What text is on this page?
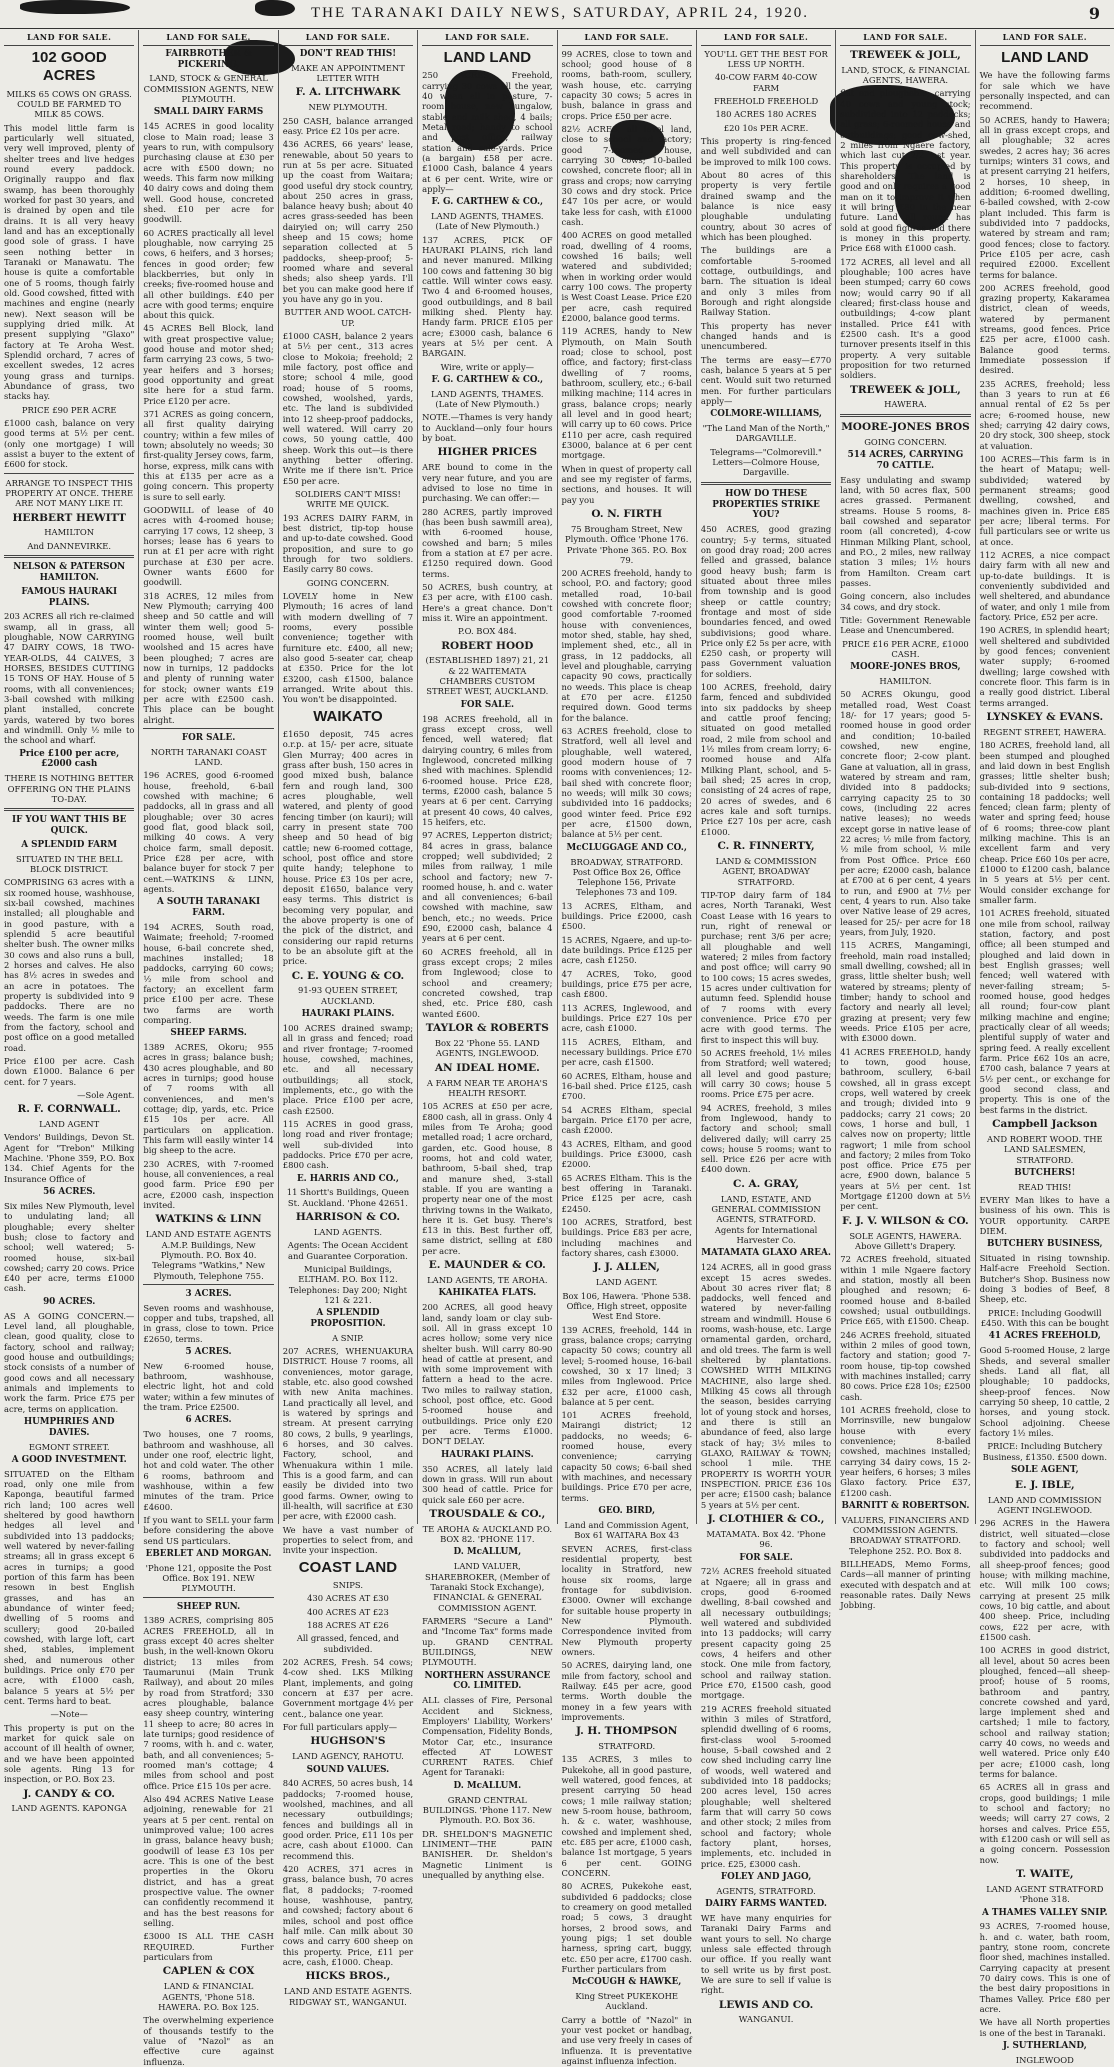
THE TARANAKI DAILY NEWS, SATURDAY, APRIL 24, 1920.	9
LAND FOR SALE.
102 GOOD ACRES
MILKS 65 COWS ON GRASS. COULD BE FARMED TO MILK 85 COWS.
This model little farm is particularly well situated, very well improved, plenty of shelter trees and live hedges round every paddock. Originally rauppo and flax swamp, has been thoroughly worked for past 30 years, and is drained by open and tile drains. It is all very heavy land and has an exceptionally good sole of grass. I have seen nothing better in Taranaki or Manawatu. The house is quite a comfortable one of 5 rooms, though fairly old. Good cowshed, fitted with machines and engine (nearly new). Next season will be supplying dried milk. At present supplying "Glaxo" factory at Te Aroha West. Splendid orchard, 7 acres of excellent swedes, 12 acres young grass and turnips. Abundance of grass, two stacks hay.
PRICE £90 PER ACRE
£1000 cash, balance on very good terms at 5½ per cent. (only one mortgage) I will assist a buyer to the extent of £600 for stock.
ARRANGE TO INSPECT THIS PROPERTY AT ONCE. THERE ARE NOT MANY LIKE IT.
HERBERT HEWITT
HAMILTON
And DANNEVIRKE.
NELSON & PATERSON HAMILTON.
FAMOUS HAURAKI PLAINS.
203 ACRES all rich re-claimed swamp, all in grass, all ploughable, NOW CARRYING 47 DAIRY COWS, 18 TWO-YEAR-OLDS, 44 CALVES, 3 HORSES, BESIDES CUTTING 15 TONS OF HAY. House of 5 rooms, with all conveniences; 3-bail cowshed with milking plant installed, concrete yards, watered by two bores and windmill. Only ½ mile to the school and wharf.
Price £100 per acre, £2000 cash
THERE IS NOTHING BETTER OFFERING ON THE PLAINS TO-DAY.
IF YOU WANT THIS BE QUICK.
A SPLENDID FARM
SITUATED IN THE BELL BLOCK DISTRICT.
COMPRISING 63 acres with a six roomed house, washhouse, six-bail cowshed, machines installed; all ploughable and in good pasture, with a splendid 5 acre beautiful shelter bush. The owner milks 30 cows and also runs a bull, 2 horses and calves. He also has 8½ acres in swedes and an acre in potatoes. The property is subdivided into 9 paddocks. There are no weeds. The farm is one mile from the factory, school and post office on a good metalled road.
Price £100 per acre. Cash down £1000. Balance 6 per cent. for 7 years.
—Sole Agent.
R. F. CORNWALL.
LAND AGENT
Vendors' Buildings, Devon St. Agent for "Trebon" Milking Machine. 'Phone 359, P.O. Box 134. Chief Agents for the Insurance Office of
56 ACRES.
Six miles New Plymouth, level to undulating land; all ploughable; every shelter bush; close to factory and school; well watered; 5-roomed house, six-bail cowshed; carry 20 cows. Price £40 per acre, terms £1000 cash.
90 ACRES.
AS A GOING CONCERN.—Level land, all ploughable, clean, good quality, close to factory, school and railway; good house and outbuildings; stock consists of a number of good cows and all necessary animals and implements to work the farm. Price £75 per acre, terms on application.
HUMPHRIES AND DAVIES.
EGMONT STREET.
A GOOD INVESTMENT.
SITUATED on the Eltham road, only one mile from Kaponga, beautiful farmed rich land; 100 acres well sheltered by good hawthorn hedges all level and subdivided into 13 paddocks; well watered by never-failing streams; all in grass except 6 acres in turnips; a good portion of this farm has been resown in best English grasses, and has an abundance of winter feed; dwelling of 5 rooms and scullery; good 20-bailed cowshed, with large loft, cart shed, stables, implement shed, and numerous other buildings. Price only £70 per acre, with £1000 cash, balance 5 years at 5½ per cent. Terms hard to beat.
—Note—
This property is put on the market for quick sale on account of ill health of owner, and we have been appointed sole agents. Ring 13 for inspection, or P.O. Box 23.
J. CANDY & CO.
LAND AGENTS. KAPONGA
LAND FOR SALE.
FAIRBROTHER & PICKERING,
LAND, STOCK & GENERAL COMMISSION AGENTS, NEW PLYMOUTH.
SMALL DAIRY FARMS
145 ACRES in good locality close to Main road; lease 3 years to run, with compulsory purchasing clause at £30 per acre with £500 down; no weeds. This farm now milking 40 dairy cows and doing them well. Good house, concreted shed. £10 per acre for goodwill.
60 ACRES practically all level ploughable, now carrying 25 cows, 6 heifers, and 3 horses; fences in good order; few blackberries, but only in creeks; five-roomed house and all other buildings. £40 per acre with good terms; enquire about this quick.
45 ACRES Bell Block, land with great prospective value; good house and motor shed; farm carrying 23 cows, 5 two-year heifers and 3 horses; good opportunity and great site here for a stud farm. Price £120 per acre.
371 ACRES as going concern, all first quality dairying country; within a few miles of town; absolutely no weeds; 30 first-quality Jersey cows, farm, horse, express, milk cans with this at £135 per acre as a going concern. This property is sure to sell early.
GOODWILL of lease of 40 acres with 4-roomed house; carrying 17 cows, 12 sheep, 3 horses; lease has 6 years to run at £1 per acre with right purchase at £30 per acre. Owner wants £600 for goodwill.
318 ACRES, 12 miles from New Plymouth; carrying 400 sheep and 50 cattle and will winter them well; good 5-roomed house, well built woolshed and 15 acres have been ploughed; 7 acres are now in turnips, 12 paddocks and plenty of running water for stock; owner wants £19 per acre with £2500 cash. This place can be bought alright.
FOR SALE.
NORTH TARANAKI COAST LAND.
196 ACRES, good 6-roomed house, freehold, 6-bail cowshed with machine; 6 paddocks, all in grass and all ploughable; over 30 acres good flat, good black soil, milking 40 cows. A very choice farm, small deposit. Price £28 per acre, with balance buyer for stock 7 per cent.—WATKINS & LINN, agents.
A SOUTH TARANAKI FARM.
194 ACRES, South road, Waimate; freehold; 7-roomed house, 6-bail concrete shed, machines installed; 18 paddocks, carrying 60 cows; ½ mile from school and factory; an excellent farm price £100 per acre. These two farms are worth comparing.
SHEEP FARMS.
1389 ACRES, Okoru; 955 acres in grass; balance bush; 430 acres ploughable, and 80 acres in turnips; good house of 7 rooms with all conveniences, and men's cottage; dip, yards, etc. Price £15 10s per acre. All particulars on application. This farm will easily winter 14 big sheep to the acre.
230 ACRES, with 7-roomed house, all conveniences, a real good farm. Price £90 per acre, £2000 cash, inspection invited.
WATKINS & LINN
LAND AND ESTATE AGENTS A.M.P. Buildings, New Plymouth. P.O. Box 40. Telegrams "Watkins," New Plymouth, Telephone 755.
3 ACRES.
Seven rooms and washhouse, copper and tubs, trapshed, all in grass, close to town. Price £2650, terms.
5 ACRES.
New 6-roomed house, bathroom, washhouse, electric light, hot and cold water; within a few minutes of the tram. Price £2500.
6 ACRES.
Two houses, one 7 rooms, bathroom and washhouse, all under one roof, electric light, hot and cold water. The other 6 rooms, bathroom and washhouse, within a few minutes of the tram. Price £4600.
If you want to SELL your farm before considering the above send US particulars.
EBERLET AND MORGAN.
'Phone 121, opposite the Post Office. Box 191. NEW PLYMOUTH.
SHEEP RUN.
1389 ACRES, comprising 805 ACRES FREEHOLD, all in grass except 40 acres shelter bush, in the well-known Okoru district; 13 miles from Taumarunui (Main Trunk Railway), and about 20 miles by road from Stratford; 330 acres ploughable, balance easy sheep country, wintering 11 sheep to acre; 80 acres in late turnips; good residence of 7 rooms, with h. and c. water, bath, and all conveniences; 5-roomed man's cottage; 4 miles from school and post office. Price £15 10s per acre.
Also 494 ACRES Native Lease adjoining, renewable for 21 years at 5 per cent. rental on unimproved value; 100 acres in grass, balance heavy bush; goodwill of lease £3 10s per acre. This is one of the best properties in the Okoru district, and has a great prospective value. The owner can confidently recommend it and has the best reasons for selling.
£3000 IS ALL THE CASH REQUIRED. Further particulars from
CAPLEN & COX
LAND & FINANCIAL AGENTS, 'Phone 518. HAWERA. P.O. Box 125.
The overwhelming experience of thousands testify to the value of "Nazol" as an effective cure against influenza.
LAND FOR SALE.
DON'T READ THIS!
MAKE AN APPOINTMENT LETTER WITH
F. A. LITCHWARK
NEW PLYMOUTH.
250 CASH, balance arranged easy. Price £2 10s per acre.
436 ACRES, 66 years' lease, renewable, about 50 years to run at 5s per acre. Situated up the coast from Waitara; good useful dry stock country, about 250 acres in grass, balance heavy bush; about 40 acres grass-seeded has been dairyied on; will carry 250 sheep and 15 cows; home separation collected at 5 paddocks, sheep-proof; 5-roomed whare and several sheds; also sheep yards. I'll bet you can make good here if you have any go in you.
BUTTER AND WOOL CATCH-UP.
£1000 CASH, balance 2 years at 5½ per cent., 313 acres close to Mokoia; freehold; 2 mile factory, post office and store; school 4 mile, good road; house of 5 rooms, cowshed, woolshed, yards, etc. The land is subdivided into 12 sheep-proof paddocks, well watered. Will carry 20 cows, 50 young cattle, 400 sheep. Work this out—is there anything better offering. Write me if there isn't. Price £50 per acre.
SOLDIERS CAN'T MISS! WRITE ME QUICK.
193 ACRES DAIRY FARM, in best district, tip-top house and up-to-date cowshed. Good proposition, and sure to go through for two soldiers. Easily carry 80 cows.
GOING CONCERN.
LOVELY home in New Plymouth; 16 acres of land with modern dwelling of 7 rooms, every possible convenience; together with furniture etc. £400, all new; also good 5-seater car, cheap at £350. Price for the lot £3200, cash £1500, balance arranged. Write about this. You won't be disappointed.
WAIKATO
£1650 deposit, 745 acres o.r.p. at 15/- per acre, situate Glen Murray; 400 acres in grass after bush, 150 acres in good mixed bush, balance fern and rough land, 300 acres ploughable, well watered, and plenty of good fencing timber (on kauri); will carry in present state 700 sheep and 50 head of big cattle; new 6-roomed cottage, school, post office and store quite handy; telephone to house. Price £3 10s per acre, deposit £1650, balance very easy terms. This district is becoming very popular, and the above property is one of the pick of the district, and considering our rapid returns to be an absolute gift at the price.
C. E. YOUNG & CO.
91-93 QUEEN STREET, AUCKLAND.
HAURAKI PLAINS.
100 ACRES drained swamp; all in grass and fenced; road and river frontage; 7-roomed house, cowshed, machines, etc. and all necessary outbuildings; all stock, implements, etc., go with the place. Price £100 per acre, cash £2500.
115 ACRES in good grass, long road and river frontage; well sub-divided into paddocks. Price £70 per acre, £800 cash.
E. HARRIS AND CO.,
11 Shortt's Buildings, Queen St. Auckland. 'Phone 42651.
HARRISON & CO.
LAND AGENTS.
Agents: The Ocean Accident and Guarantee Corporation.
Municipal Buildings, ELTHAM. P.O. Box 112. Telephones: Day 200; Night 121 & 221.
A SPLENDID PROPOSITION.
A SNIP.
207 ACRES, WHENUAKURA DISTRICT. House 7 rooms, all conveniences, motor garage, stable, etc. also good cowshed with new Anita machines. Land practically all level, and is watered by springs and stream. At present carrying 80 cows, 2 bulls, 9 yearlings, 6 horses, and 30 calves. Factory, school, and Whenuakura within 1 mile. This is a good farm, and can easily be divided into two good farms. Owner, owing to ill-health, will sacrifice at £30 per acre, with £2000 cash.
We have a vast number of properties to select from, and invite your inspection.
COAST LAND
SNIPS.
430 ACRES AT £30
400 ACRES AT £23
188 ACRES AT £26
All grassed, fenced, and subdivided.
202 ACRES, Fresh. 54 cows; 4-cow shed. LKS Milking Plant, implements, and going concern at £37 per acre. Government mortgage 4½ per cent., balance one year.
For full particulars apply—
HUGHSON'S
LAND AGENCY, RAHOTU.
SOUND VALUES.
840 ACRES, 50 acres bush, 14 paddocks; 7-roomed house, woolshed, machines, and all necessary outbuildings; fences and buildings all in good order. Price, £11 10s per acre, cash about £1000. Can recommend this.
420 ACRES, 371 acres in grass, balance bush, 70 acres flat, 8 paddocks; 7-roomed house, washhouse, pantry, and cowshed; factory about 6 miles, school and post office half mile. Can milk about 30 cows and carry 600 sheep on this property. Price, £11 per acre, cash, £1000. Cheap.
HICKS BROS.,
LAND AND ESTATE AGENTS. RIDGWAY ST., WANGANUI.
LAND FOR SALE.
LAND LAND
250 ACRES, Freehold, carrying 30 cows all the year, 40 when all in pasture, 7-room house, new bungalow, stable and milk shed, 4 bails; Metal road; handy to school and post office, railway station and sale-yards. Price (a bargain) £58 per acre. £1000 Cash, balance 4 years at 6 per cent. Write, wire or apply—
F. G. CARTHEW & CO.,
LAND AGENTS, THAMES. (Late of New Plymouth.)
137 ACRES, PICK OF HAURAKI PLAINS, rich land and never manured. Milking 100 cows and fattening 30 big cattle. Will winter cows easy. Two 4 and 6-roomed houses, good outbuildings, and 8 bail milking shed. Plenty hay. Handy farm. PRICE £105 per acre; £3000 cash, balance 6 years at 5½ per cent. A BARGAIN.
Wire, write or apply—
F. G. CARTHEW & CO.,
LAND AGENTS, THAMES. (Late of New Plymouth.)
NOTE.—Thames is very handy to Auckland—only four hours by boat.
HIGHER PRICES
ARE bound to come in the very near future, and you are advised to lose no time in purchasing. We can offer:—
280 ACRES, partly improved (has been bush sawmill area), with 6-roomed house, cowshed and barn; 5 miles from a station at £7 per acre. £1250 required down. Good terms.
50 ACRES, bush country, at £3 per acre, with £100 cash. Here's a great chance. Don't miss it. Wire an appointment.
P.O. BOX 484.
ROBERT HOOD
(ESTABLISHED 1897) 21, 21 & 22 WAITEMATA CHAMBERS CUSTOM STREET WEST, AUCKLAND.
FOR SALE.
198 ACRES freehold, all in grass except cross, well fenced, well watered; flat dairying country, 6 miles from Inglewood, concreted milking shed with machines. Splendid 6-roomed house. Price £28, terms, £2000 cash, balance 5 years at 6 per cent. Carrying at present 40 cows, 40 calves, 15 heifers, etc.
97 ACRES, Lepperton district; 84 acres in grass, balance cropped; well subdivided; 2 miles from railway, 1 mile school and factory; new 7-roomed house, h. and c. water and all conveniences; 6-bail cowshed with machine, saw bench, etc.; no weeds. Price £90, £2000 cash, balance 4 years at 6 per cent.
60 ACRES freehold, all in grass except crops; 2 miles from Inglewood; close to school and creamery; concreted cowshed, trap shed, etc. Price £80, cash wanted £600.
TAYLOR & ROBERTS
Box 22 'Phone 55. LAND AGENTS, INGLEWOOD.
AN IDEAL HOME.
A FARM NEAR TE AROHA'S HEALTH RESORT.
105 ACRES at £50 per acre, £800 cash, all in grass. Only 4 miles from Te Aroha; good metalled road; 1 acre orchard, garden, etc. Good house, 8 rooms, hot and cold water, bathroom, 5-bail shed, trap and manure shed, 3-stall stable. If you are wanting a property near one of the most thriving towns in the Waikato, here it is. Get busy. There's £13 in this. Best further off, same district, selling at £80 per acre.
E. MAUNDER & CO.
LAND AGENTS, TE AROHA.
KAHIKATEA FLATS.
200 ACRES, all good heavy land, sandy loam or clay sub-soil. All in grass except 10 acres hollow; some very nice shelter bush. Will carry 80-90 head of cattle at present, and with some improvement with fattern a head to the acre. Two miles to railway station, school, post office, etc. Good 5-roomed house and outbuildings. Price only £20 per acre. Terms £1000. DON'T DELAY.
HAURAKI PLAINS.
350 ACRES, all lately laid down in grass. Will run about 300 head of cattle. Price for quick sale £60 per acre.
TROUSDALE & CO.,
TE AROHA & AUCKLAND P.O. BOX 82. 'PHONE 117.
D. McALLUM,
LAND VALUER, SHAREBROKER, (Member of Taranaki Stock Exchange), FINANCIAL & GENERAL COMMISSION AGENT.
FARMERS "Secure a Land" and "Income Tax" forms made up. GRAND CENTRAL BUILDINGS, NEW PLYMOUTH.
NORTHERN ASSURANCE CO. LIMITED.
ALL classes of Fire, Personal Accident and Sickness, Employers' Liability, Workers' Compensation, Fidelity Bonds, Motor Car, etc., insurance effected AT LOWEST CURRENT RATES. Chief Agent for Taranaki:
D. McALLUM.
GRAND CENTRAL BUILDINGS. 'Phone 117. New Plymouth. P.O. Box 36.
DR. SHELDON'S MAGNETIC LINIMENT—THE PAIN BANISHER. Dr. Sheldon's Magnetic Liniment is unequalled by anything else.
LAND FOR SALE.
99 ACRES, close to town and school; good house of 8 rooms, bath-room, scullery, wash house, etc. carrying capacity 30 cows; 5 acres in bush, balance in grass and crops. Price £50 per acre.
82½ ACRES, all level land, close to school and factory; good 7-roomed house, carrying 30 cows; 10-bailed cowshed, concrete floor; all in grass and crops; now carrying 30 cows and dry stock. Price £47 10s per acre, or would take less for cash, with £1000 cash.
400 ACRES on good metalled road, dwelling of 4 rooms, cowshed 16 bails; well watered and subdivided; when in working order would carry 100 cows. The property is West Coast Lease. Price £20 per acre, cash required £2000, balance good terms.
119 ACRES, handy to New Plymouth, on Main South road; close to school, post office, and factory; first-class dwelling of 7 rooms, bathroom, scullery, etc.; 6-bail milking machine; 114 acres in grass, balance crops; nearly all level and in good heart; will carry up to 60 cows. Price £110 per acre, cash required £3000, balance at 6 per cent mortgage.
When in quest of property call and see my register of farms, sections, and houses. It will pay you
O. N. FIRTH
75 Brougham Street, New Plymouth. Office 'Phone 176. Private 'Phone 365. P.O. Box 79.
200 ACRES freehold, handy to school, P.O. and factory; good metalled road, 10-bail cowshed with concrete floor; good comfortable 7-roomed house with conveniences, motor shed, stable, hay shed, implement shed, etc., all in grass, in 12 paddocks, all level and ploughable, carrying capacity 90 cows, practically no weeds. This place is cheap at £70 per acre. £1250 required down. Good terms for the balance.
63 ACRES freehold, close to Stratford, well all level and ploughable, well watered, good modern house of 7 rooms with conveniences; 12-bail shed with concrete floor; no weeds; will milk 30 cows; subdivided into 16 paddocks; good winter feed. Price £92 per acre, £1500 down, balance at 5½ per cent.
McCLUGGAGE AND CO.,
BROADWAY, STRATFORD. Post Office Box 26, Office Telephone 156, Private Telephones 73 and 109.
13 ACRES, Eltham, and buildings. Price £2000, cash £500.
15 ACRES, Ngaere, and up-to-date buildings. Price £125 per acre, cash £1250.
47 ACRES, Toko, good buildings, price £75 per acre, cash £800.
113 ACRES, Inglewood, and buildings. Price £27 10s per acre, cash £1000.
115 ACRES, Eltham, and necessary buildings. Price £70 per acre, cash £1500.
60 ACRES, Eltham, house and 16-bail shed. Price £125, cash £700.
54 ACRES Eltham, special bargain. Price £170 per acre, cash £2000.
43 ACRES, Eltham, and good buildings. Price £3000, cash £2000.
65 ACRES Eltham. This is the best offering in Taranaki. Price £125 per acre, cash £2450.
100 ACRES, Stratford, best buildings. Price £83 per acre, including machines and factory shares, cash £3000.
J. J. ALLEN,
LAND AGENT.
Box 106, Hawera. 'Phone 538. Office, High street, opposite West End Store.
139 ACRES, freehold, 144 in grass, balance crops; carrying capacity 50 cows; country all level; 5-roomed house, 16-bail cowshed, 30 x 17 lined; 3 miles from Inglewood. Price £32 per acre, £1000 cash, balance at 5 per cent.
101 ACRES freehold, Mairangi district; 12 paddocks, no weeds; 6-roomed house, every convenience; carrying capacity 50 cows; 6-bail shed with machines, and necessary buildings. Price £70 per acre, terms.
GEO. BIRD,
Land and Commission Agent, Box 61 WAITARA Box 43
SEVEN ACRES, first-class residential property, best locality in Stratford, new house six rooms, large frontage for subdivision. £3000. Owner will exchange for suitable house property in New Plymouth. Correspondence invited from New Plymouth property owners.
50 ACRES, dairying land, one mile from factory, school and Railway. £45 per acre, good terms. Worth double the money in a few years with improvements.
J. H. THOMPSON
STRATFORD.
135 ACRES, 3 miles to Pukekohe, all in good pasture, well watered, good fences, at present carrying 50 head cows; 1 mile railway station; new 5-room house, bathroom, h. & c. water, washhouse, cowshed and implement shed, etc. £85 per acre, £1000 cash, balance 1st mortgage, 5 years 6 per cent. GOING CONCERN.
80 ACRES, Pukekohe east, subdivided 6 paddocks; close to creamery on good metalled road; 5 cows, 3 draught horses, 2 brood sows, and young pigs; 1 set double harness, spring cart, buggy, etc. £50 per acre, £1700 cash. Further particulars from
McCOUGH & HAWKE,
King Street PUKEKOHE Auckland.
Carry a bottle of "Nazol" in your vest pocket or handbag, and use very freely in cases of influenza. It is preventative against influenza infection.
LAND FOR SALE.
YOU'LL GET THE BEST FOR LESS UP NORTH.
40-COW FARM 40-COW FARM
FREEHOLD FREEHOLD
180 ACRES 180 ACRES
£20 10s PER ACRE.
This property is ring-fenced and well subdivided and can be improved to milk 100 cows.
About 80 acres of this property is very fertile drained swamp and the balance is nice easy ploughable undulating country, about 30 acres of which has been ploughed.
The buildings are a comfortable 5-roomed cottage, outbuildings, and barn. The situation is ideal and only 3 miles from Borough and right alongside Railway Station.
This property has never changed hands and is unencumbered.
The terms are easy—£770 cash, balance 5 years at 5 per cent. Would suit two returned men. For further particulars apply—
COLMORE-WILLIAMS,
"The Land Man of the North," DARGAVILLE.
Telegrams—"Colmorevill." Letters—Colmore House, Dargaville.
HOW DO THESE PROPERTIES STRIKE YOU?
450 ACRES, good grazing country; 5-y terms, situated on good dray road; 200 acres felled and grassed, balance good heavy bush; farm is situated about three miles from township and is good sheep or cattle country; frontage and most of side boundaries fenced, and owed subdivisions; good whare. Price only £2 5s per acre, with £250 cash, or property will pass Government valuation for soldiers.
100 ACRES, freehold, dairy farm, fenced and subdivided into six paddocks by sheep and cattle proof fencing; situated on good metalled road, 2 mile from school and 1½ miles from cream lorry; 6-roomed house and Alfa Milking Plant, school, and 5-bail shed; 25 acres in crop, consisting of 24 acres of rape, 20 acres of swedes, and 6 acres kale and soft turnips. Price £27 10s per acre, cash £1000.
C. R. FINNERTY,
LAND & COMMISSION AGENT, BROADWAY STRATFORD.
TIP-TOP dairy farm of 184 acres, North Taranaki, West Coast Lease with 16 years to run, right of renewal or purchase; rent 3/6 per acre; all ploughable and well watered; 2 miles from factory and post office; will carry 90 to 100 cows; 15 acres swedes, 15 acres under cultivation for autumn feed. Splendid house of 7 rooms with every convenience. Price £70 per acre with good terms. The first to inspect this will buy.
50 ACRES freehold, 1½ miles from Stratford; well watered; all level and good pasture; will carry 30 cows; house 5 rooms. Price £75 per acre.
94 ACRES, freehold, 3 miles from Inglewood, handy to factory and school; small delivered daily; will carry 25 cows; house 5 rooms; want to sell. Price £26 per acre with £400 down.
C. A. GRAY,
LAND, ESTATE, AND GENERAL COMMISSION AGENTS, STRATFORD. Agents for International Harvester Co.
MATAMATA GLAXO AREA.
124 ACRES, all in good grass except 15 acres swedes. About 30 acres river flat; 8 paddocks, well fenced and watered by never-failing stream and windmill. House 6 rooms, wash-house, etc. Large ornamental garden, orchard, and old trees. The farm is well sheltered by plantations. COWSHED WITH MILKING MACHINE, also large shed. Milking 45 cows all through the season, besides carrying lot of young stock and horses, and there is still an abundance of feed, also large stack of hay; 3½ miles to GLAXO, RAILWAY & TOWN; school 1 mile. THE PROPERTY IS WORTH YOUR INSPECTION. PRICE £36 10s per acre; £1500 cash; balance 5 years at 5½ per cent.
J. CLOTHIER & CO.,
MATAMATA. Box 42. 'Phone 96.
FOR SALE.
72½ ACRES freehold situated at Ngaere; all in grass and crops, good 6-roomed dwelling, 8-bail cowshed and all necessary outbuildings; well watered and subdivided into 13 paddocks; will carry present capacity going 25 cows, 4 heifers and other stock. One mile from factory, school and railway station. Price £70, £1500 cash, good mortgage.
219 ACRES freehold situated within 3 miles of Stratford, splendid dwelling of 6 rooms, first-class wool 5-roomed house, 5-bail cowshed and 2 cow shed including carry line of woods, well watered and subdivided into 18 paddocks; 200 acres level, 150 acres ploughable; well sheltered farm that will carry 50 cows and other stock; 2 miles from school and factory; whole factory plant, horses, implements, etc. included in price. £25, £3000 cash.
FOLEY AND JAGO,
AGENTS, STRATFORD.
DAIRY FARMS WANTED.
WE have many enquiries for Taranaki Dairy Farms and want yours to sell. No charge unless sale effected through our office. If you really want to sell write us by first post. We are sure to sell if value is right.
LEWIS AND CO.
WANGANUI.
LAND FOR SALE.
TREWEEK & JOLL,
LAND, STOCK, & FINANCIAL AGENTS, HAWERA.
flat and ploughable; carrying 40 cows and young stock; subdivided into 12 paddocks; all grass; 6-roomed house and outbuildings; good cow-shed, 2 miles from Ngaere factory, which last cut 2/2 last year. This property is occupied by shareholders. The land is good and only requires a good man on it to improve it when it will bring £80 in the near future. Land all round has sold at good figures and there is money in this property. Price £68 with £1000 cash.
172 ACRES, all level and all ploughable; 100 acres have been stumped; carry 60 cows now; would carry 90 if all cleared; first-class house and outbuildings; 4-cow plant installed. Price £41 with £2500 cash. It's a good turnover presents itself in this property. A very suitable proposition for two returned soldiers.
TREWEEK & JOLL,
HAWERA.
MOORE-JONES BROS
GOING CONCERN.
514 ACRES, CARRYING 70 CATTLE.
Easy undulating and swamp land, with 50 acres flax, 500 acres grassed. Permanent streams. House 5 rooms, 8-bail cowshed and separator room (all concreted), 4-cow Hinman Milking Plant, school, and P.O., 2 miles, new railway station 3 miles; 1½ hours from Hamilton. Cream cart passes.
Going concern, also includes 34 cows, and dry stock.
Title: Government Renewable Lease and Unencumbered.
PRICE £16 PER ACRE, £1000 CASH.
MOORE-JONES BROS,
HAMILTON.
50 ACRES Okungu, good metalled road, West Coast 18/- for 17 years; good 5-roomed house in good order and condition; 10-bailed cowshed, new engine, concrete floor; 2-cow plant. Gane at valuation, all in grass, watered by stream and ram, divided into 8 paddocks; carrying capacity 25 to 30 cows, (including 22 acres native leases); no weeds except gorse in native lease of 22 acres; ½ mile from factory, ½ mile from school, ½ mile from Post Office. Price £60 per acre; £2000 cash, balance at £700 at 6 per cent, 4 years to run, and £900 at 7½ per cent, 4 years to run. Also take over Native lease of 29 acres, leased for 25/- per acre for 18 years, from July, 1920.
115 ACRES, Mangamingi, freehold, main road installed; small dwelling, cowshed; all in grass, little shelter bush; well watered by streams; plenty of timber; handy to school and factory and nearly all level; grazing at present; very few weeds. Price £105 per acre, with £3000 down.
41 ACRES FREEHOLD, handy to town, good house, bathroom, scullery, 6-bail cowshed, all in grass except crops, well watered by creek and trough; divided into 9 paddocks; carry 21 cows; 20 cows, 1 horse and bull, 1 calves now on property; little ragwort; 1 mile from school and factory; 2 miles from Toko post office. Price £75 per acre, £900 down, balance 5 years at 5½ per cent. 1st Mortgage £1200 down at 5½ per cent.
F. J. V. WILSON & CO.
SOLE AGENTS, HAWERA. Above Gillett's Drapery.
72 ACRES freehold, situated within 1 mile Ngaere factory and station, mostly all been ploughed and resown; 6-roomed house and 8-bailed cowshed; usual outbuildings. Price £65, with £1500. Cheap.
246 ACRES freehold, situated within 2 miles of good town, factory and station; good 7-room house, tip-top cowshed with machines installed; carry 80 cows. Price £28 10s; £2500 cash.
101 ACRES freehold, close to Morrinsville, new bungalow house with every convenience; 8-bailed cowshed, machines installed; carrying 34 dairy cows, 15 2-year heifers, 6 horses; 3 miles Glaxo factory. Price £37, £1200 cash.
BARNITT & ROBERTSON.
VALUERS, FINANCIERS AND COMMISSION AGENTS. BROADWAY STRATFORD. Telephone 252. P.O. Box 8.
BILLHEADS, Memo Forms, Cards—all manner of printing executed with despatch and at reasonable rates. Daily News Jobbing.
LAND FOR SALE.
LAND LAND
We have the following farms for sale which we have personally inspected, and can recommend.
50 ACRES, handy to Hawera; all in grass except crops, and all ploughable; 32 acres swedes, 2 acres hay; 36 acres turnips; winters 31 cows, and at present carrying 21 heifers, 2 horses, 10 sheep, in addition; 6-roomed dwelling, 6-bailed cowshed, with 2-cow plant included. This farm is subdivided into 7 paddocks, watered by stream and ram; good fences; close to factory. Price £105 per acre, cash required £2000. Excellent terms for balance.
200 ACRES freehold, good grazing property, Kakaramea district, clean of weeds, watered by permanent streams, good fences. Price £25 per acre, £1000 cash. Balance good terms. Immediate possession if desired.
235 ACRES, freehold; less than 3 years to run at £6 annual rental of £2 5s per acre; 6-roomed house, new shed; carrying 42 dairy cows, 20 dry stock, 300 sheep, stock at valuation.
100 ACRES—This farm is in the heart of Matapu; well-subdivided; watered by permanent streams; good dwelling, cowshed, and machines given in. Price £85 per acre; liberal terms. For full particulars see or write us at once.
112 ACRES, a nice compact dairy farm with all new and up-to-date buildings. It is conveniently subdivided and well sheltered, and abundance of water, and only 1 mile from factory. Price, £52 per acre.
190 ACRES, in splendid heart; well sheltered and subdivided by good fences; convenient water supply; 6-roomed dwelling; large cowshed with concrete floor. This farm is in a really good district. Liberal terms arranged.
LYNSKEY & EVANS.
REGENT STREET, HAWERA.
180 ACRES, freehold land, all been stumped and ploughed and laid down in best English grasses; little shelter bush; sub-divided into 9 sections, containing 18 paddocks; well fenced; clean farm; plenty of water and spring feed; house of 6 rooms; three-cow plant milking machine. This is an excellent farm and very cheap. Price £60 10s per acre, £1000 to £1200 cash, balance in 5 years at 5½ per cent. Would consider exchange for smaller farm.
101 ACRES freehold, situated one mile from school, railway station, factory, and post office; all been stumped and ploughed and laid down in best English grasses; well fenced; well watered with never-failing stream; 5-roomed house, good hedges all round; four-cow plant milking machine and engine; practically clear of all weeds; plentiful supply of water and spring feed. A really excellent farm. Price £62 10s an acre, £700 cash, balance 7 years at 5½ per cent., or exchange for good second class, and property. This is one of the best farms in the district.
Campbell Jackson
AND ROBERT WOOD. THE LAND SALESMEN, STRATFORD.
BUTCHERS!
READ THIS!
EVERY Man likes to have a business of his own. This is YOUR opportunity. CARPE DIEM.
BUTCHERY BUSINESS,
Situated in rising township. Half-acre Freehold Section. Butcher's Shop. Business now doing 3 bodies of Beef, 8 Sheep, etc.
PRICE: Including Goodwill £450. With this can be bought
41 ACRES FREEHOLD,
Good 5-roomed House, 2 large Sheds, and several smaller sheds. Land all flat, all ploughable; 10 paddocks, sheep-proof fences. Now carrying 50 sheep, 10 cattle, 2 horses, and young stock. School adjoining. Cheese factory 1½ miles.
PRICE: Including Butchery Business, £1350. £500 down.
SOLE AGENT,
E. J. IBLE,
LAND AND COMMISSION AGENT INGLEWOOD.
296 ACRES in the Hawera district, well situated—close to factory and school; well subdivided into paddocks and all sheep-proof fences; good house; with milking machine, etc. Will milk 100 cows; carrying at present 25 milk cows, 10 big cattle, and about 400 sheep. Price, including cows, £22 per acre, with £1500 cash.
100 ACRES in good district, all level, about 50 acres been ploughed, fenced—all sheep-proof; house of 5 rooms, bathroom and pantry, concrete cowshed and yard, large implement shed and cartshed; 1 mile to factory, school and railway station; carry 40 cows, no weeds and well watered. Price only £40 per acre; £1000 cash, long terms for balance.
65 ACRES all in grass and crops, good buildings; 1 mile to school and factory; no weeds; will carry 27 cows, 2 horses and calves. Price £55, with £1200 cash or will sell as a going concern. Possession now.
T. WAITE,
LAND AGENT STRATFORD 'Phone 318.
A THAMES VALLEY SNIP.
93 ACRES, 7-roomed house, h. and c. water, bath room, pantry, stone room, concrete floor shed, machines installed. Carrying capacity at present 70 dairy cows. This is one of the best dairy propositions in Thames Valley. Price £80 per acre.
We have all North properties is one of the best in Taranaki.
J. SUTHERLAND,
INGLEWOOD
